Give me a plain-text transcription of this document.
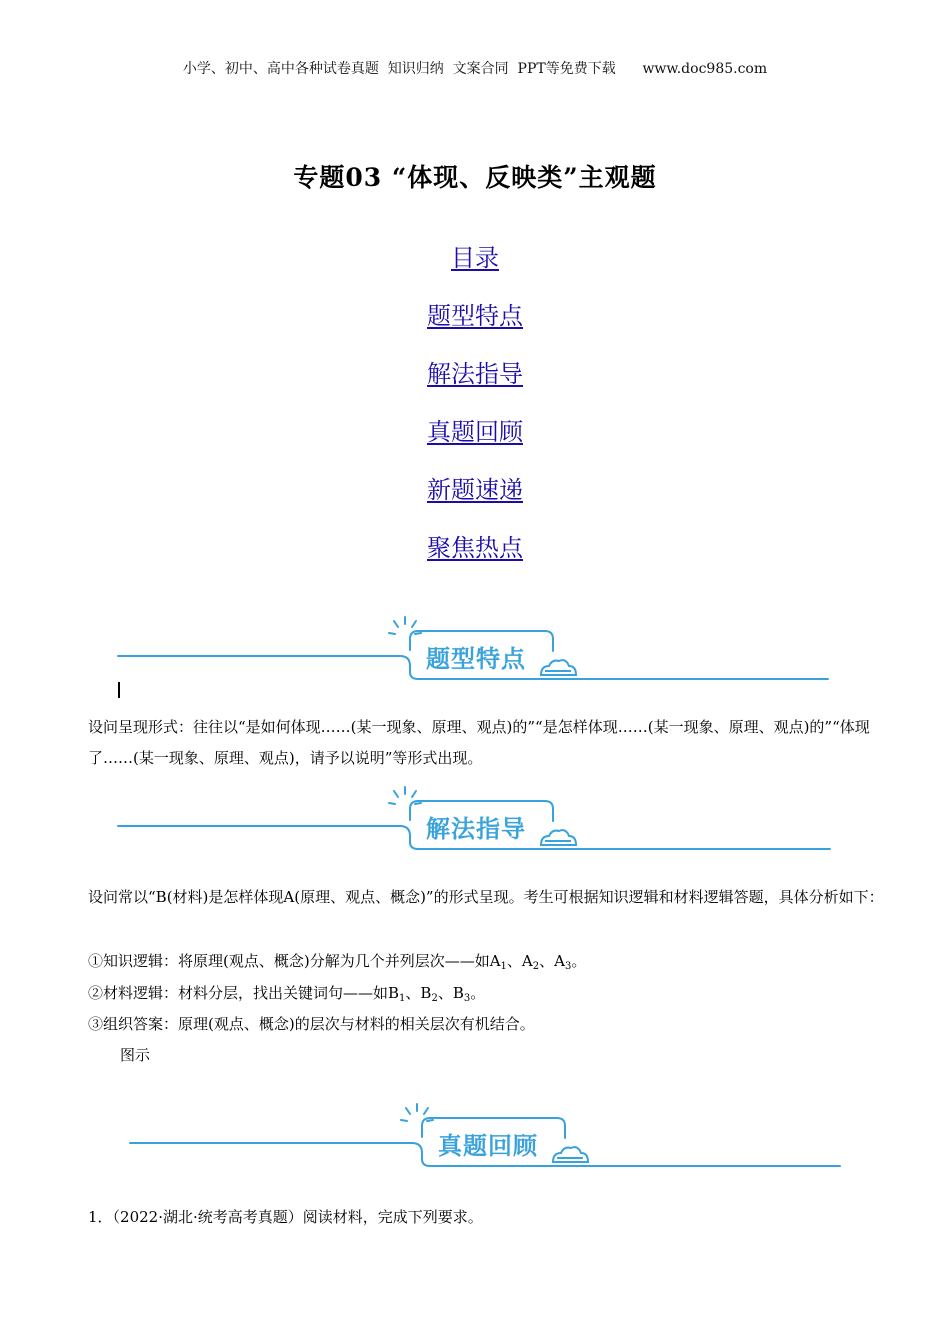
小学、初中、高中各种试卷真题  知识归纳  文案合同  PPT等免费下载      www.doc985.com
专题03 “体现、反映类”主观题
目录
题型特点
解法指导
真题回顾
新题速递
聚焦热点
题型特点
设问呈现形式：往往以“是如何体现……(某一现象、原理、观点)的”“是怎样体现……(某一现象、原理、观点)的”“体现了……(某一现象、原理、观点)，请予以说明”等形式出现。
解法指导
设问常以“B(材料)是怎样体现A(原理、观点、概念)”的形式呈现。考生可根据知识逻辑和材料逻辑答题，具体分析如下：
①知识逻辑：将原理(观点、概念)分解为几个并列层次——如$A_1$、$A_2$、$A_3$。
②材料逻辑：材料分层，找出关键词句——如$B_1$、$B_2$、$B_3$。
③组织答案：原理(观点、概念)的层次与材料的相关层次有机结合。
图示
真题回顾
1．（2022·湖北·统考高考真题）阅读材料，完成下列要求。
